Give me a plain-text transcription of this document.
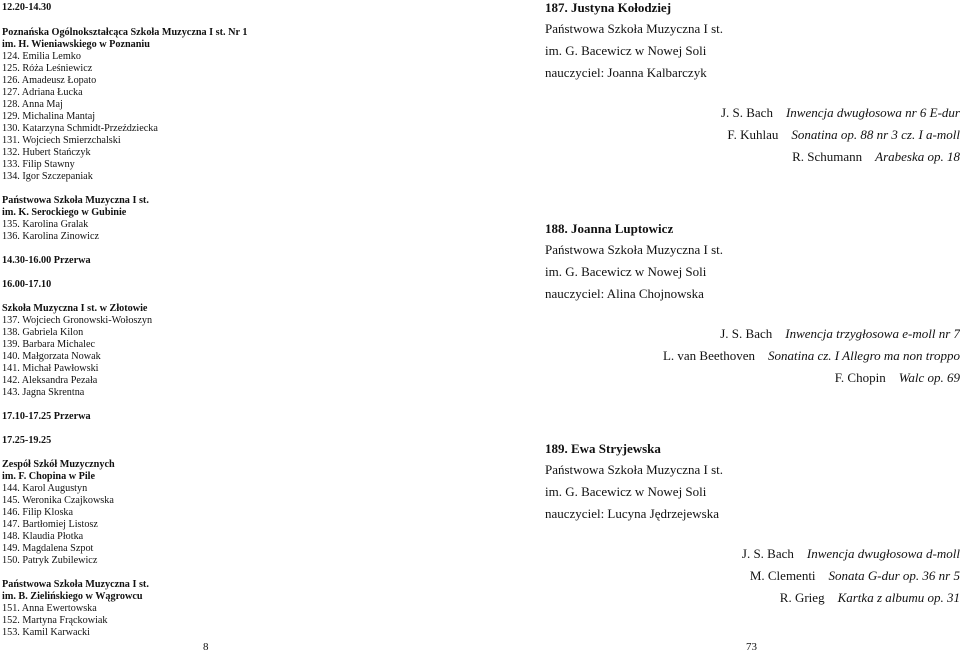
12.20-14.30
Poznańska Ogólnokształcąca Szkoła Muzyczna I st. Nr 1
im. H. Wieniawskiego w Poznaniu
124. Emilia Lemko
125. Róża Leśniewicz
126. Amadeusz Łopato
127. Adriana Łucka
128. Anna Maj
129. Michalina Mantaj
130. Katarzyna Schmidt-Przeździecka
131. Wojciech Smierzchalski
132. Hubert Stańczyk
133. Filip Stawny
134. Igor Szczepaniak
Państwowa Szkoła Muzyczna I st.
im. K. Serockiego w Gubinie
135. Karolina Gralak
136. Karolina Zinowicz
14.30-16.00 Przerwa
16.00-17.10
Szkoła Muzyczna I st. w Złotowie
137. Wojciech Gronowski-Wołoszyn
138. Gabriela Kilon
139. Barbara Michalec
140. Małgorzata Nowak
141. Michał Pawłowski
142. Aleksandra Pezała
143. Jagna Skrentna
17.10-17.25 Przerwa
17.25-19.25
Zespół Szkół Muzycznych
im. F. Chopina w Pile
144. Karol Augustyn
145. Weronika Czajkowska
146. Filip Kloska
147. Bartłomiej Listosz
148. Klaudia Płotka
149. Magdalena Szpot
150. Patryk Zubilewicz
Państwowa Szkoła Muzyczna I st.
im. B. Zielińskiego w Wągrowcu
151. Anna Ewertowska
152. Martyna Frąckowiak
153. Kamil Karwacki
187. Justyna Kołodziej
Państwowa Szkoła Muzyczna I st.
im. G. Bacewicz w Nowej Soli
nauczyciel: Joanna Kalbarczyk
J. S. Bach  Inwencja dwugłosowa nr 6 E-dur
F. Kuhlau  Sonatina op. 88 nr 3 cz. I a-moll
R. Schumann  Arabeska op. 18
188. Joanna Luptowicz
Państwowa Szkoła Muzyczna I st.
im. G. Bacewicz w Nowej Soli
nauczyciel: Alina Chojnowska
J. S. Bach  Inwencja trzygłosowa e-moll nr 7
L. van Beethoven  Sonatina cz. I Allegro ma non troppo
F. Chopin  Walc op. 69
189. Ewa Stryjewska
Państwowa Szkoła Muzyczna I st.
im. G. Bacewicz w Nowej Soli
nauczyciel: Lucyna Jędrzejewska
J. S. Bach  Inwencja dwugłosowa d-moll
M. Clementi  Sonata G-dur op. 36 nr 5
R. Grieg  Kartka z albumu op. 31
8	73
